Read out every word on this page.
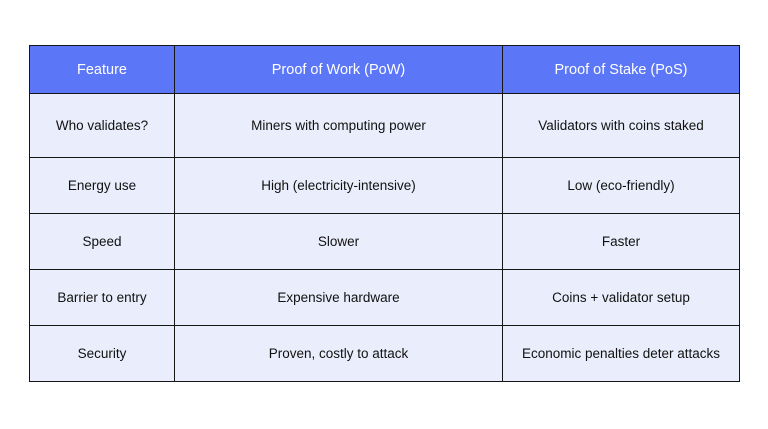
Feature	Proof of Work (PoW)	Proof of Stake (PoS)
Who validates?	Miners with computing power	Validators with coins staked
Energy use	High (electricity-intensive)	Low (eco-friendly)
Speed	Slower	Faster
Barrier to entry	Expensive hardware	Coins + validator setup
Security	Proven, costly to attack	Economic penalties deter attacks
